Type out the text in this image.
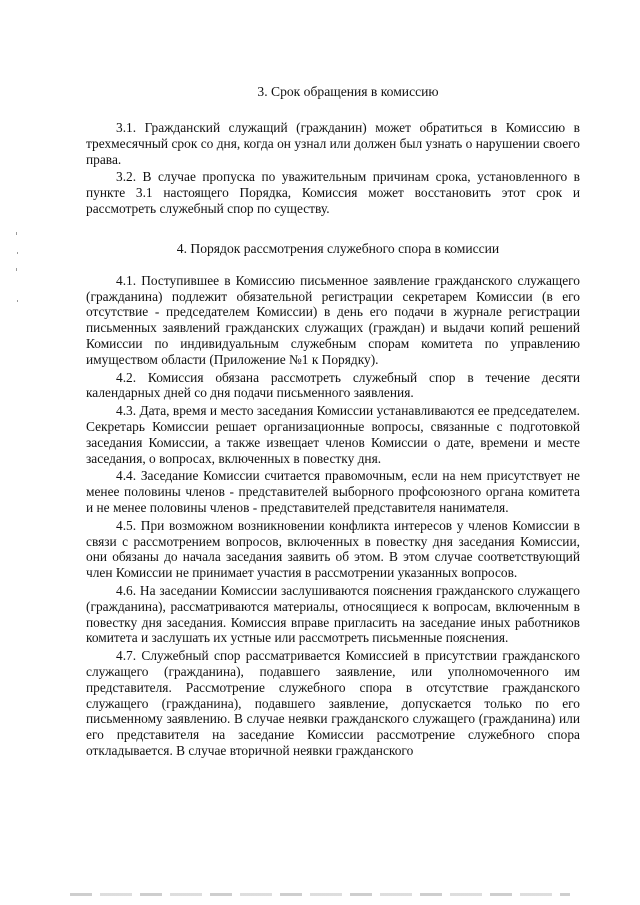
3. Срок обращения в комиссию

3.1. Гражданский служащий (гражданин) может обратиться в Комиссию в трехмесячный срок со дня, когда он узнал или должен был узнать о нарушении своего права.

3.2. В случае пропуска по уважительным причинам срока, установленного в пункте 3.1 настоящего Порядка, Комиссия может восстановить этот срок и рассмотреть служебный спор по существу.

4. Порядок рассмотрения служебного спора в комиссии

4.1. Поступившее в Комиссию письменное заявление гражданского служащего (гражданина) подлежит обязательной регистрации секретарем Комиссии (в его отсутствие - председателем Комиссии) в день его подачи в журнале регистрации письменных заявлений гражданских служащих (граждан) и выдачи копий решений Комиссии по индивидуальным служебным спорам комитета по управлению имуществом области (Приложение №1 к Порядку).

4.2. Комиссия обязана рассмотреть служебный спор в течение десяти календарных дней со дня подачи письменного заявления.

4.3. Дата, время и место заседания Комиссии устанавливаются ее председателем. Секретарь Комиссии решает организационные вопросы, связанные с подготовкой заседания Комиссии, а также извещает членов Комиссии о дате, времени и месте заседания, о вопросах, включенных в повестку дня.

4.4. Заседание Комиссии считается правомочным, если на нем присутствует не менее половины членов - представителей выборного профсоюзного органа комитета и не менее половины членов - представителей представителя нанимателя.

4.5. При возможном возникновении конфликта интересов у членов Комиссии в связи с рассмотрением вопросов, включенных в повестку дня заседания Комиссии, они обязаны до начала заседания заявить об этом. В этом случае соответствующий член Комиссии не принимает участия в рассмотрении указанных вопросов.

4.6. На заседании Комиссии заслушиваются пояснения гражданского служащего (гражданина), рассматриваются материалы, относящиеся к вопросам, включенным в повестку дня заседания. Комиссия вправе пригласить на заседание иных работников комитета и заслушать их устные или рассмотреть письменные пояснения.

4.7. Служебный спор рассматривается Комиссией в присутствии гражданского служащего (гражданина), подавшего заявление, или уполномоченного им представителя. Рассмотрение служебного спора в отсутствие гражданского служащего (гражданина), подавшего заявление, допускается только по его письменному заявлению. В случае неявки гражданского служащего (гражданина) или его представителя на заседание Комиссии рассмотрение служебного спора откладывается. В случае вторичной неявки гражданского
